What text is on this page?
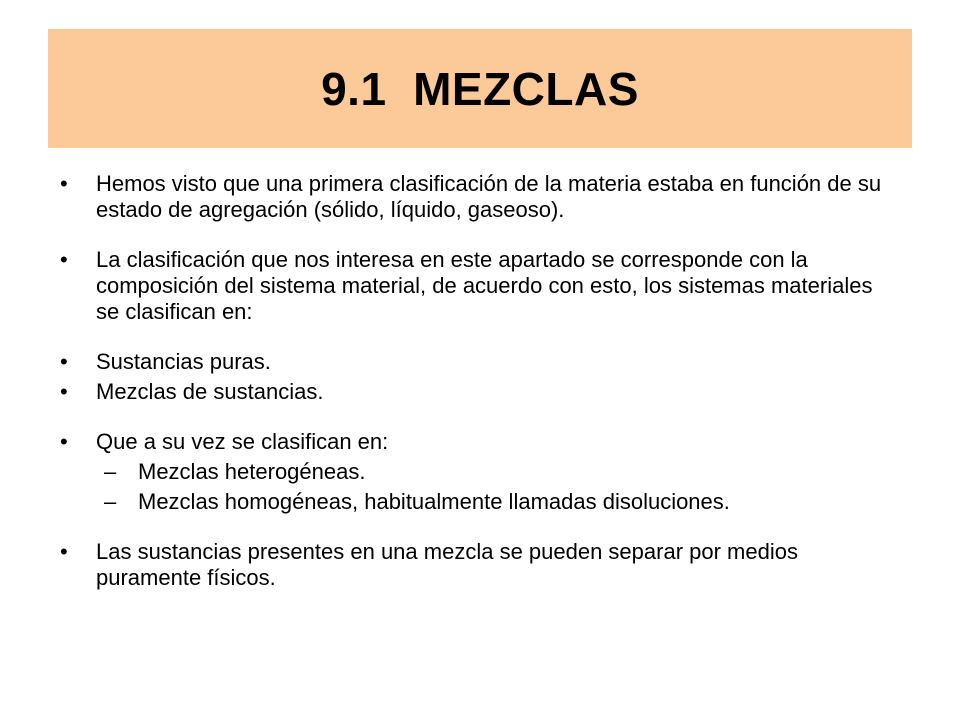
9.1  MEZCLAS
•	Hemos visto que una primera clasificación de la materia estaba en función de su estado de agregación (sólido, líquido, gaseoso).
•	La clasificación que nos interesa en este apartado se corresponde con la composición del sistema material, de acuerdo con esto, los sistemas materiales se clasifican en:
•	Sustancias puras.
•	Mezclas de sustancias.
•	Que a su vez se clasifican en:
– Mezclas heterogéneas.
– Mezclas homogéneas, habitualmente llamadas disoluciones.
•	Las sustancias presentes en una mezcla se pueden separar por medios puramente físicos.
